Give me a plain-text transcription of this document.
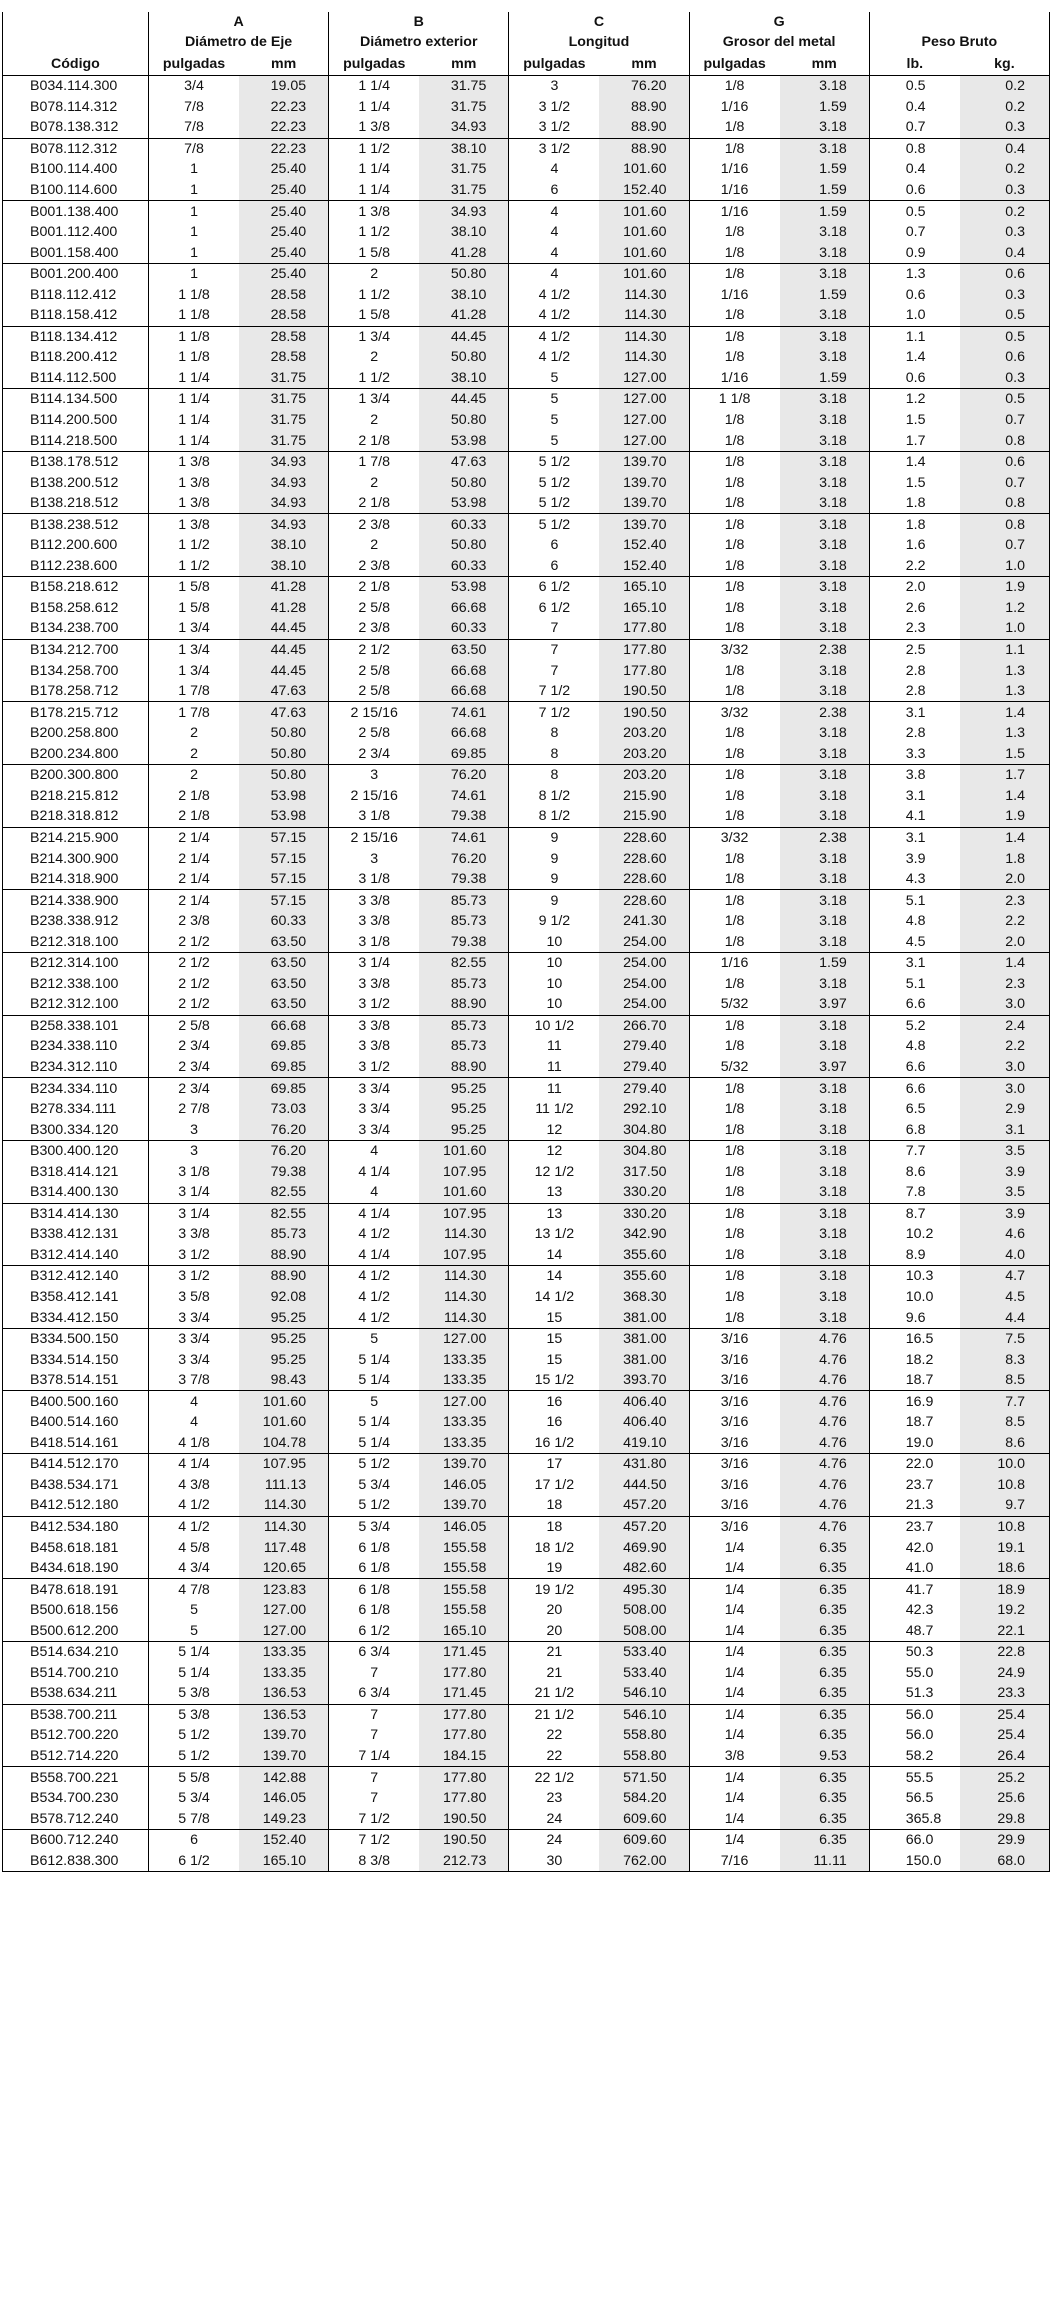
	A		B		C		G			
	Diámetro de Eje		Diámetro exterior		Longitud		Grosor del metal		Peso Bruto	
Código	pulgadas	mm	pulgadas	mm	pulgadas	mm	pulgadas	mm	lb.	kg.
B034.114.300	3/4	19.05	1 1/4	31.75	3	76.20	1/8	3.18	0.5	0.2
B078.114.312	7/8	22.23	1 1/4	31.75	3 1/2	88.90	1/16	1.59	0.4	0.2
B078.138.312	7/8	22.23	1 3/8	34.93	3 1/2	88.90	1/8	3.18	0.7	0.3
B078.112.312	7/8	22.23	1 1/2	38.10	3 1/2	88.90	1/8	3.18	0.8	0.4
B100.114.400	1	25.40	1 1/4	31.75	4	101.60	1/16	1.59	0.4	0.2
B100.114.600	1	25.40	1 1/4	31.75	6	152.40	1/16	1.59	0.6	0.3
B001.138.400	1	25.40	1 3/8	34.93	4	101.60	1/16	1.59	0.5	0.2
B001.112.400	1	25.40	1 1/2	38.10	4	101.60	1/8	3.18	0.7	0.3
B001.158.400	1	25.40	1 5/8	41.28	4	101.60	1/8	3.18	0.9	0.4
B001.200.400	1	25.40	2	50.80	4	101.60	1/8	3.18	1.3	0.6
B118.112.412	1 1/8	28.58	1 1/2	38.10	4 1/2	114.30	1/16	1.59	0.6	0.3
B118.158.412	1 1/8	28.58	1 5/8	41.28	4 1/2	114.30	1/8	3.18	1.0	0.5
B118.134.412	1 1/8	28.58	1 3/4	44.45	4 1/2	114.30	1/8	3.18	1.1	0.5
B118.200.412	1 1/8	28.58	2	50.80	4 1/2	114.30	1/8	3.18	1.4	0.6
B114.112.500	1 1/4	31.75	1 1/2	38.10	5	127.00	1/16	1.59	0.6	0.3
B114.134.500	1 1/4	31.75	1 3/4	44.45	5	127.00	1 1/8	3.18	1.2	0.5
B114.200.500	1 1/4	31.75	2	50.80	5	127.00	1/8	3.18	1.5	0.7
B114.218.500	1 1/4	31.75	2 1/8	53.98	5	127.00	1/8	3.18	1.7	0.8
B138.178.512	1 3/8	34.93	1 7/8	47.63	5 1/2	139.70	1/8	3.18	1.4	0.6
B138.200.512	1 3/8	34.93	2	50.80	5 1/2	139.70	1/8	3.18	1.5	0.7
B138.218.512	1 3/8	34.93	2 1/8	53.98	5 1/2	139.70	1/8	3.18	1.8	0.8
B138.238.512	1 3/8	34.93	2 3/8	60.33	5 1/2	139.70	1/8	3.18	1.8	0.8
B112.200.600	1 1/2	38.10	2	50.80	6	152.40	1/8	3.18	1.6	0.7
B112.238.600	1 1/2	38.10	2 3/8	60.33	6	152.40	1/8	3.18	2.2	1.0
B158.218.612	1 5/8	41.28	2 1/8	53.98	6 1/2	165.10	1/8	3.18	2.0	1.9
B158.258.612	1 5/8	41.28	2 5/8	66.68	6 1/2	165.10	1/8	3.18	2.6	1.2
B134.238.700	1 3/4	44.45	2 3/8	60.33	7	177.80	1/8	3.18	2.3	1.0
B134.212.700	1 3/4	44.45	2 1/2	63.50	7	177.80	3/32	2.38	2.5	1.1
B134.258.700	1 3/4	44.45	2 5/8	66.68	7	177.80	1/8	3.18	2.8	1.3
B178.258.712	1 7/8	47.63	2 5/8	66.68	7 1/2	190.50	1/8	3.18	2.8	1.3
B178.215.712	1 7/8	47.63	2 15/16	74.61	7 1/2	190.50	3/32	2.38	3.1	1.4
B200.258.800	2	50.80	2 5/8	66.68	8	203.20	1/8	3.18	2.8	1.3
B200.234.800	2	50.80	2 3/4	69.85	8	203.20	1/8	3.18	3.3	1.5
B200.300.800	2	50.80	3	76.20	8	203.20	1/8	3.18	3.8	1.7
B218.215.812	2 1/8	53.98	2 15/16	74.61	8 1/2	215.90	1/8	3.18	3.1	1.4
B218.318.812	2 1/8	53.98	3 1/8	79.38	8 1/2	215.90	1/8	3.18	4.1	1.9
B214.215.900	2 1/4	57.15	2 15/16	74.61	9	228.60	3/32	2.38	3.1	1.4
B214.300.900	2 1/4	57.15	3	76.20	9	228.60	1/8	3.18	3.9	1.8
B214.318.900	2 1/4	57.15	3 1/8	79.38	9	228.60	1/8	3.18	4.3	2.0
B214.338.900	2 1/4	57.15	3 3/8	85.73	9	228.60	1/8	3.18	5.1	2.3
B238.338.912	2 3/8	60.33	3 3/8	85.73	9 1/2	241.30	1/8	3.18	4.8	2.2
B212.318.100	2 1/2	63.50	3 1/8	79.38	10	254.00	1/8	3.18	4.5	2.0
B212.314.100	2 1/2	63.50	3 1/4	82.55	10	254.00	1/16	1.59	3.1	1.4
B212.338.100	2 1/2	63.50	3 3/8	85.73	10	254.00	1/8	3.18	5.1	2.3
B212.312.100	2 1/2	63.50	3 1/2	88.90	10	254.00	5/32	3.97	6.6	3.0
B258.338.101	2 5/8	66.68	3 3/8	85.73	10 1/2	266.70	1/8	3.18	5.2	2.4
B234.338.110	2 3/4	69.85	3 3/8	85.73	11	279.40	1/8	3.18	4.8	2.2
B234.312.110	2 3/4	69.85	3 1/2	88.90	11	279.40	5/32	3.97	6.6	3.0
B234.334.110	2 3/4	69.85	3 3/4	95.25	11	279.40	1/8	3.18	6.6	3.0
B278.334.111	2 7/8	73.03	3 3/4	95.25	11 1/2	292.10	1/8	3.18	6.5	2.9
B300.334.120	3	76.20	3 3/4	95.25	12	304.80	1/8	3.18	6.8	3.1
B300.400.120	3	76.20	4	101.60	12	304.80	1/8	3.18	7.7	3.5
B318.414.121	3 1/8	79.38	4 1/4	107.95	12 1/2	317.50	1/8	3.18	8.6	3.9
B314.400.130	3 1/4	82.55	4	101.60	13	330.20	1/8	3.18	7.8	3.5
B314.414.130	3 1/4	82.55	4 1/4	107.95	13	330.20	1/8	3.18	8.7	3.9
B338.412.131	3 3/8	85.73	4 1/2	114.30	13 1/2	342.90	1/8	3.18	10.2	4.6
B312.414.140	3 1/2	88.90	4 1/4	107.95	14	355.60	1/8	3.18	8.9	4.0
B312.412.140	3 1/2	88.90	4 1/2	114.30	14	355.60	1/8	3.18	10.3	4.7
B358.412.141	3 5/8	92.08	4 1/2	114.30	14 1/2	368.30	1/8	3.18	10.0	4.5
B334.412.150	3 3/4	95.25	4 1/2	114.30	15	381.00	1/8	3.18	9.6	4.4
B334.500.150	3 3/4	95.25	5	127.00	15	381.00	3/16	4.76	16.5	7.5
B334.514.150	3 3/4	95.25	5 1/4	133.35	15	381.00	3/16	4.76	18.2	8.3
B378.514.151	3 7/8	98.43	5 1/4	133.35	15 1/2	393.70	3/16	4.76	18.7	8.5
B400.500.160	4	101.60	5	127.00	16	406.40	3/16	4.76	16.9	7.7
B400.514.160	4	101.60	5 1/4	133.35	16	406.40	3/16	4.76	18.7	8.5
B418.514.161	4 1/8	104.78	5 1/4	133.35	16 1/2	419.10	3/16	4.76	19.0	8.6
B414.512.170	4 1/4	107.95	5 1/2	139.70	17	431.80	3/16	4.76	22.0	10.0
B438.534.171	4 3/8	111.13	5 3/4	146.05	17 1/2	444.50	3/16	4.76	23.7	10.8
B412.512.180	4 1/2	114.30	5 1/2	139.70	18	457.20	3/16	4.76	21.3	9.7
B412.534.180	4 1/2	114.30	5 3/4	146.05	18	457.20	3/16	4.76	23.7	10.8
B458.618.181	4 5/8	117.48	6 1/8	155.58	18 1/2	469.90	1/4	6.35	42.0	19.1
B434.618.190	4 3/4	120.65	6 1/8	155.58	19	482.60	1/4	6.35	41.0	18.6
B478.618.191	4 7/8	123.83	6 1/8	155.58	19 1/2	495.30	1/4	6.35	41.7	18.9
B500.618.156	5	127.00	6 1/8	155.58	20	508.00	1/4	6.35	42.3	19.2
B500.612.200	5	127.00	6 1/2	165.10	20	508.00	1/4	6.35	48.7	22.1
B514.634.210	5 1/4	133.35	6 3/4	171.45	21	533.40	1/4	6.35	50.3	22.8
B514.700.210	5 1/4	133.35	7	177.80	21	533.40	1/4	6.35	55.0	24.9
B538.634.211	5 3/8	136.53	6 3/4	171.45	21 1/2	546.10	1/4	6.35	51.3	23.3
B538.700.211	5 3/8	136.53	7	177.80	21 1/2	546.10	1/4	6.35	56.0	25.4
B512.700.220	5 1/2	139.70	7	177.80	22	558.80	1/4	6.35	56.0	25.4
B512.714.220	5 1/2	139.70	7 1/4	184.15	22	558.80	3/8	9.53	58.2	26.4
B558.700.221	5 5/8	142.88	7	177.80	22 1/2	571.50	1/4	6.35	55.5	25.2
B534.700.230	5 3/4	146.05	7	177.80	23	584.20	1/4	6.35	56.5	25.6
B578.712.240	5 7/8	149.23	7 1/2	190.50	24	609.60	1/4	6.35	365.8	29.8
B600.712.240	6	152.40	7 1/2	190.50	24	609.60	1/4	6.35	66.0	29.9
B612.838.300	6 1/2	165.10	8 3/8	212.73	30	762.00	7/16	11.11	150.0	68.0
